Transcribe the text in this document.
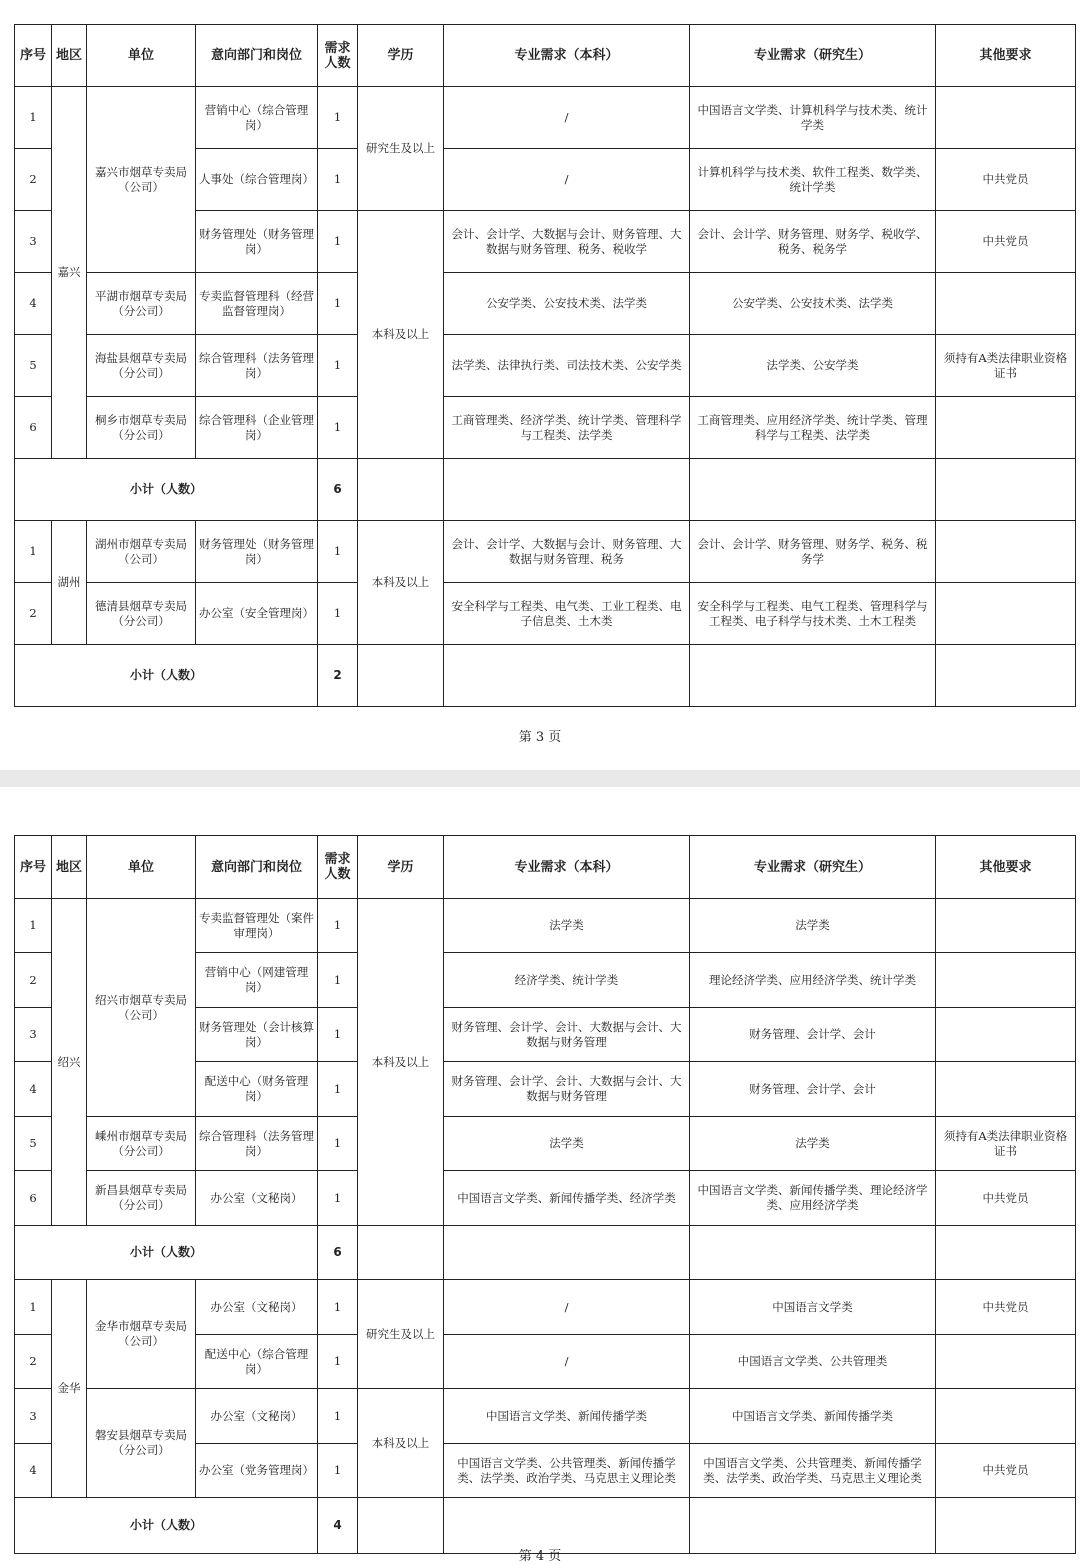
序号	地区	单位	意向部门和岗位	需求人数	学历	专业需求（本科）	专业需求（研究生）	其他要求
1	嘉兴	嘉兴市烟草专卖局（公司）	营销中心（综合管理岗）	1	研究生及以上	/	中国语言文学类、计算机科学与技术类、统计学类	
2			人事处（综合管理岗）	1		/	计算机科学与技术类、软件工程类、数学类、统计学类	中共党员
3			财务管理处（财务管理岗）	1	本科及以上	会计、会计学、大数据与会计、财务管理、大数据与财务管理、税务、税收学	会计、会计学、财务管理、财务学、税收学、税务、税务学	中共党员
4		平湖市烟草专卖局（分公司）	专卖监督管理科（经营监督管理岗）	1		公安学类、公安技术类、法学类	公安学类、公安技术类、法学类	
5		海盐县烟草专卖局（分公司）	综合管理科（法务管理岗）	1		法学类、法律执行类、司法技术类、公安学类	法学类、公安学类	须持有A类法律职业资格证书
6		桐乡市烟草专卖局（分公司）	综合管理科（企业管理岗）	1		工商管理类、经济学类、统计学类、管理科学与工程类、法学类	工商管理类、应用经济学类、统计学类、管理科学与工程类、法学类	
小计（人数）				6				
1	湖州	湖州市烟草专卖局（公司）	财务管理处（财务管理岗）	1	本科及以上	会计、会计学、大数据与会计、财务管理、大数据与财务管理、税务	会计、会计学、财务管理、财务学、税务、税务学	
2		德清县烟草专卖局（分公司）	办公室（安全管理岗）	1		安全科学与工程类、电气类、工业工程类、电子信息类、土木类	安全科学与工程类、电气工程类、管理科学与工程类、电子科学与技术类、土木工程类	
小计（人数）				2				
第 3 页
序号	地区	单位	意向部门和岗位	需求人数	学历	专业需求（本科）	专业需求（研究生）	其他要求
1	绍兴	绍兴市烟草专卖局（公司）	专卖监督管理处（案件审理岗）	1	本科及以上	法学类	法学类	
2			营销中心（网建管理岗）	1		经济学类、统计学类	理论经济学类、应用经济学类、统计学类	
3			财务管理处（会计核算岗）	1		财务管理、会计学、会计、大数据与会计、大数据与财务管理	财务管理、会计学、会计	
4			配送中心（财务管理岗）	1		财务管理、会计学、会计、大数据与会计、大数据与财务管理	财务管理、会计学、会计	
5		嵊州市烟草专卖局（分公司）	综合管理科（法务管理岗）	1		法学类	法学类	须持有A类法律职业资格证书
6		新昌县烟草专卖局（分公司）	办公室（文秘岗）	1		中国语言文学类、新闻传播学类、经济学类	中国语言文学类、新闻传播学类、理论经济学类、应用经济学类	中共党员
小计（人数）				6				
1	金华	金华市烟草专卖局（公司）	办公室（文秘岗）	1	研究生及以上	/	中国语言文学类	中共党员
2			配送中心（综合管理岗）	1		/	中国语言文学类、公共管理类	
3		磐安县烟草专卖局（分公司）	办公室（文秘岗）	1	本科及以上	中国语言文学类、新闻传播学类	中国语言文学类、新闻传播学类	
4			办公室（党务管理岗）	1		中国语言文学类、公共管理类、新闻传播学类、法学类、政治学类、马克思主义理论类	中国语言文学类、公共管理类、新闻传播学类、法学类、政治学类、马克思主义理论类	中共党员
小计（人数）				4				
第 4 页
